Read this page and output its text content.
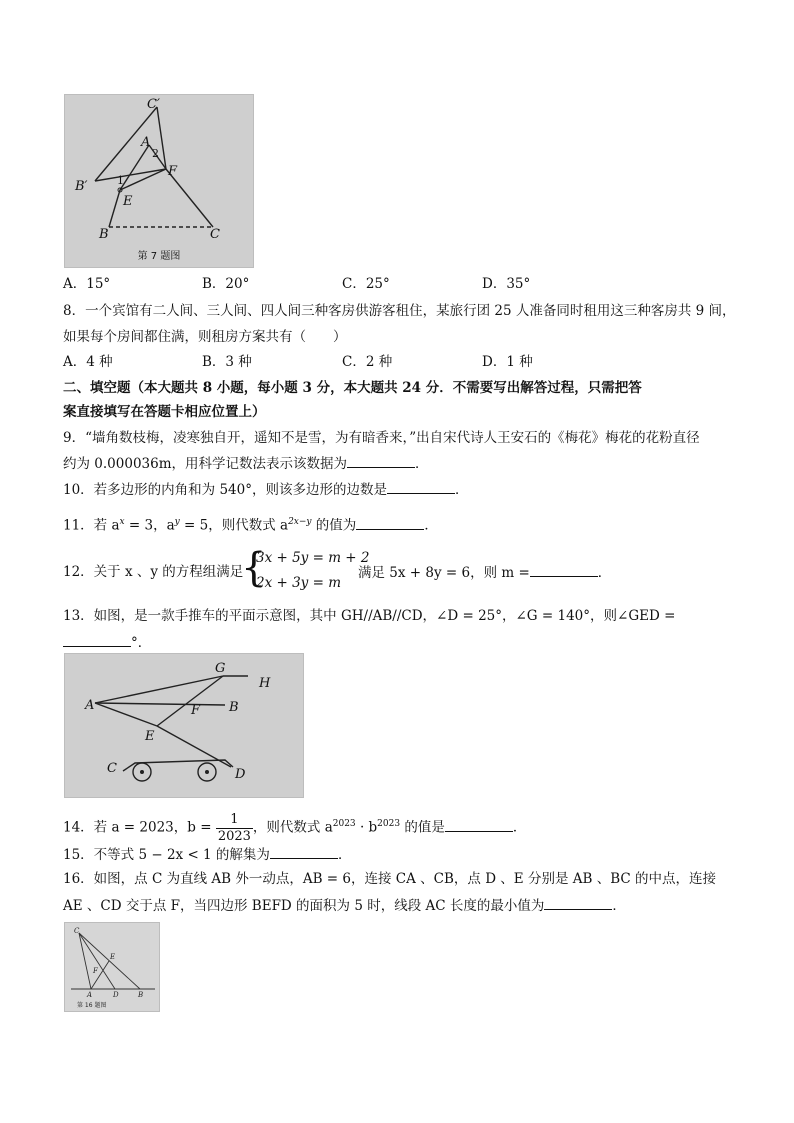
C′
A
2
F
B′	1
E
B	C
第 7 题图
A．15°	B．20°	C．25°	D．35°
8．一个宾馆有二人间、三人间、四人间三种客房供游客租住，某旅行团 25 人准备同时租用这三种客房共 9 间，
如果每个房间都住满，则租房方案共有（　　）
A．4 种	B．3 种	C．2 种	D．1 种
二、填空题（本大题共 8 小题，每小题 3 分，本大题共 24 分．不需要写出解答过程，只需把答
案直接填写在答题卡相应位置上）
9．“墙角数枝梅，凌寒独自开，遥知不是雪，为有暗香来，”出自宋代诗人王安石的《梅花》梅花的花粉直径
约为 0.000036m，用科学记数法表示该数据为	．
10．若多边形的内角和为 540°，则该多边形的边数是	．
11．若 $a^x = 3$，$a^y = 5$，则代数式 $a^{2x-y}$ 的值为	．
12．关于 x 、y 的方程组满足
{
3x + 5y = m + 2
2x + 3y = m
满足 5x + 8y = 6，则 m =	．
13．如图，是一款手推车的平面示意图，其中 GH//AB//CD，∠D = 25°，∠G = 140°，则∠GED =
°．
G
H
A	F B
E
C	D
14．若 a = 2023，$b = \frac{1}{2023}$ ，则代数式 $a^{2023} \cdot b^{2023}$ 的值是	．
15．不等式 5 − 2x < 1 的解集为	．
16．如图，点 C 为直线 AB 外一动点，AB = 6，连接 CA 、CB，点 D 、E 分别是 AB 、BC 的中点，连接
AE 、CD 交于点 F，当四边形 BEFD 的面积为 5 时，线段 AC 长度的最小值为	．
C
E
F
A	D	B
第 16 题图
